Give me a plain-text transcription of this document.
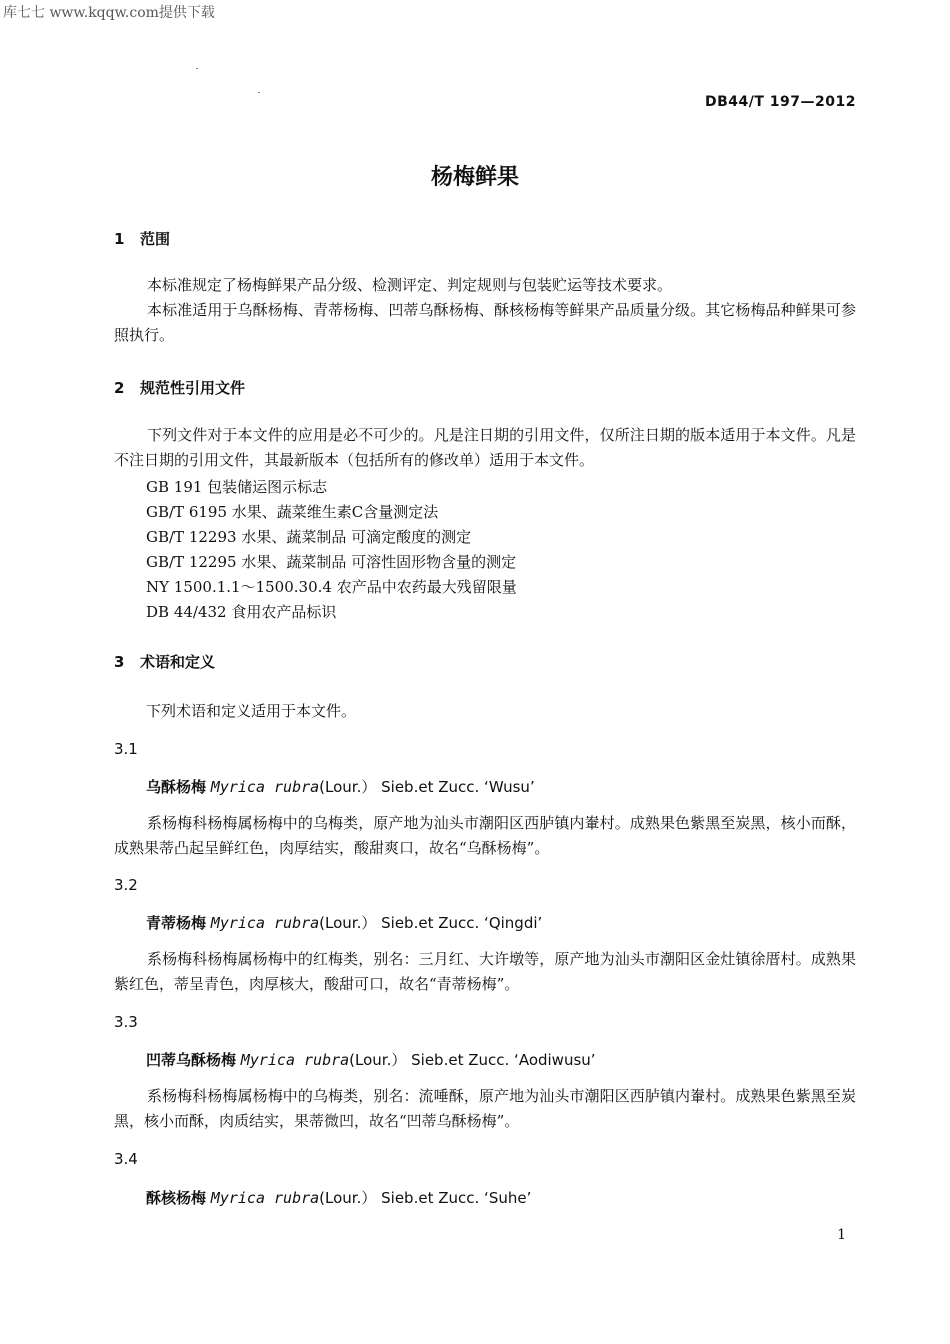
库七七 www.kqqw.com提供下载
DB44/T 197—2012
杨梅鲜果
1 范围

本标准规定了杨梅鲜果产品分级、检测评定、判定规则与包装贮运等技术要求。

本标准适用于乌酥杨梅、青蒂杨梅、凹蒂乌酥杨梅、酥核杨梅等鲜果产品质量分级。其它杨梅品种鲜果可参照执行。

2 规范性引用文件

下列文件对于本文件的应用是必不可少的。凡是注日期的引用文件，仅所注日期的版本适用于本文件。凡是不注日期的引用文件，其最新版本（包括所有的修改单）适用于本文件。

GB 191 包装储运图示标志
GB/T 6195 水果、蔬菜维生素C含量测定法
GB/T 12293 水果、蔬菜制品 可滴定酸度的测定
GB/T 12295 水果、蔬菜制品 可溶性固形物含量的测定
NY 1500.1.1～1500.30.4 农产品中农药最大残留限量
DB 44/432 食用农产品标识
3 术语和定义
下列术语和定义适用于本文件。
3.1
乌酥杨梅 Myrica rubra(Lour.） Sieb.et Zucc. ‘Wusu’

系杨梅科杨梅属杨梅中的乌梅类，原产地为汕头市潮阳区西胪镇内輋村。成熟果色紫黑至炭黑，核小而酥，成熟果蒂凸起呈鲜红色，肉厚结实，酸甜爽口，故名“乌酥杨梅”。

3.2
青蒂杨梅 Myrica rubra(Lour.） Sieb.et Zucc. ‘Qingdi’

系杨梅科杨梅属杨梅中的红梅类，别名：三月红、大许墩等，原产地为汕头市潮阳区金灶镇徐厝村。成熟果紫红色，蒂呈青色，肉厚核大，酸甜可口，故名“青蒂杨梅”。

3.3
凹蒂乌酥杨梅 Myrica rubra(Lour.） Sieb.et Zucc. ‘Aodiwusu’

系杨梅科杨梅属杨梅中的乌梅类，别名：流唾酥，原产地为汕头市潮阳区西胪镇内輋村。成熟果色紫黑至炭黑，核小而酥，肉质结实，果蒂微凹，故名“凹蒂乌酥杨梅”。

3.4
酥核杨梅 Myrica rubra(Lour.） Sieb.et Zucc. ‘Suhe’
1
